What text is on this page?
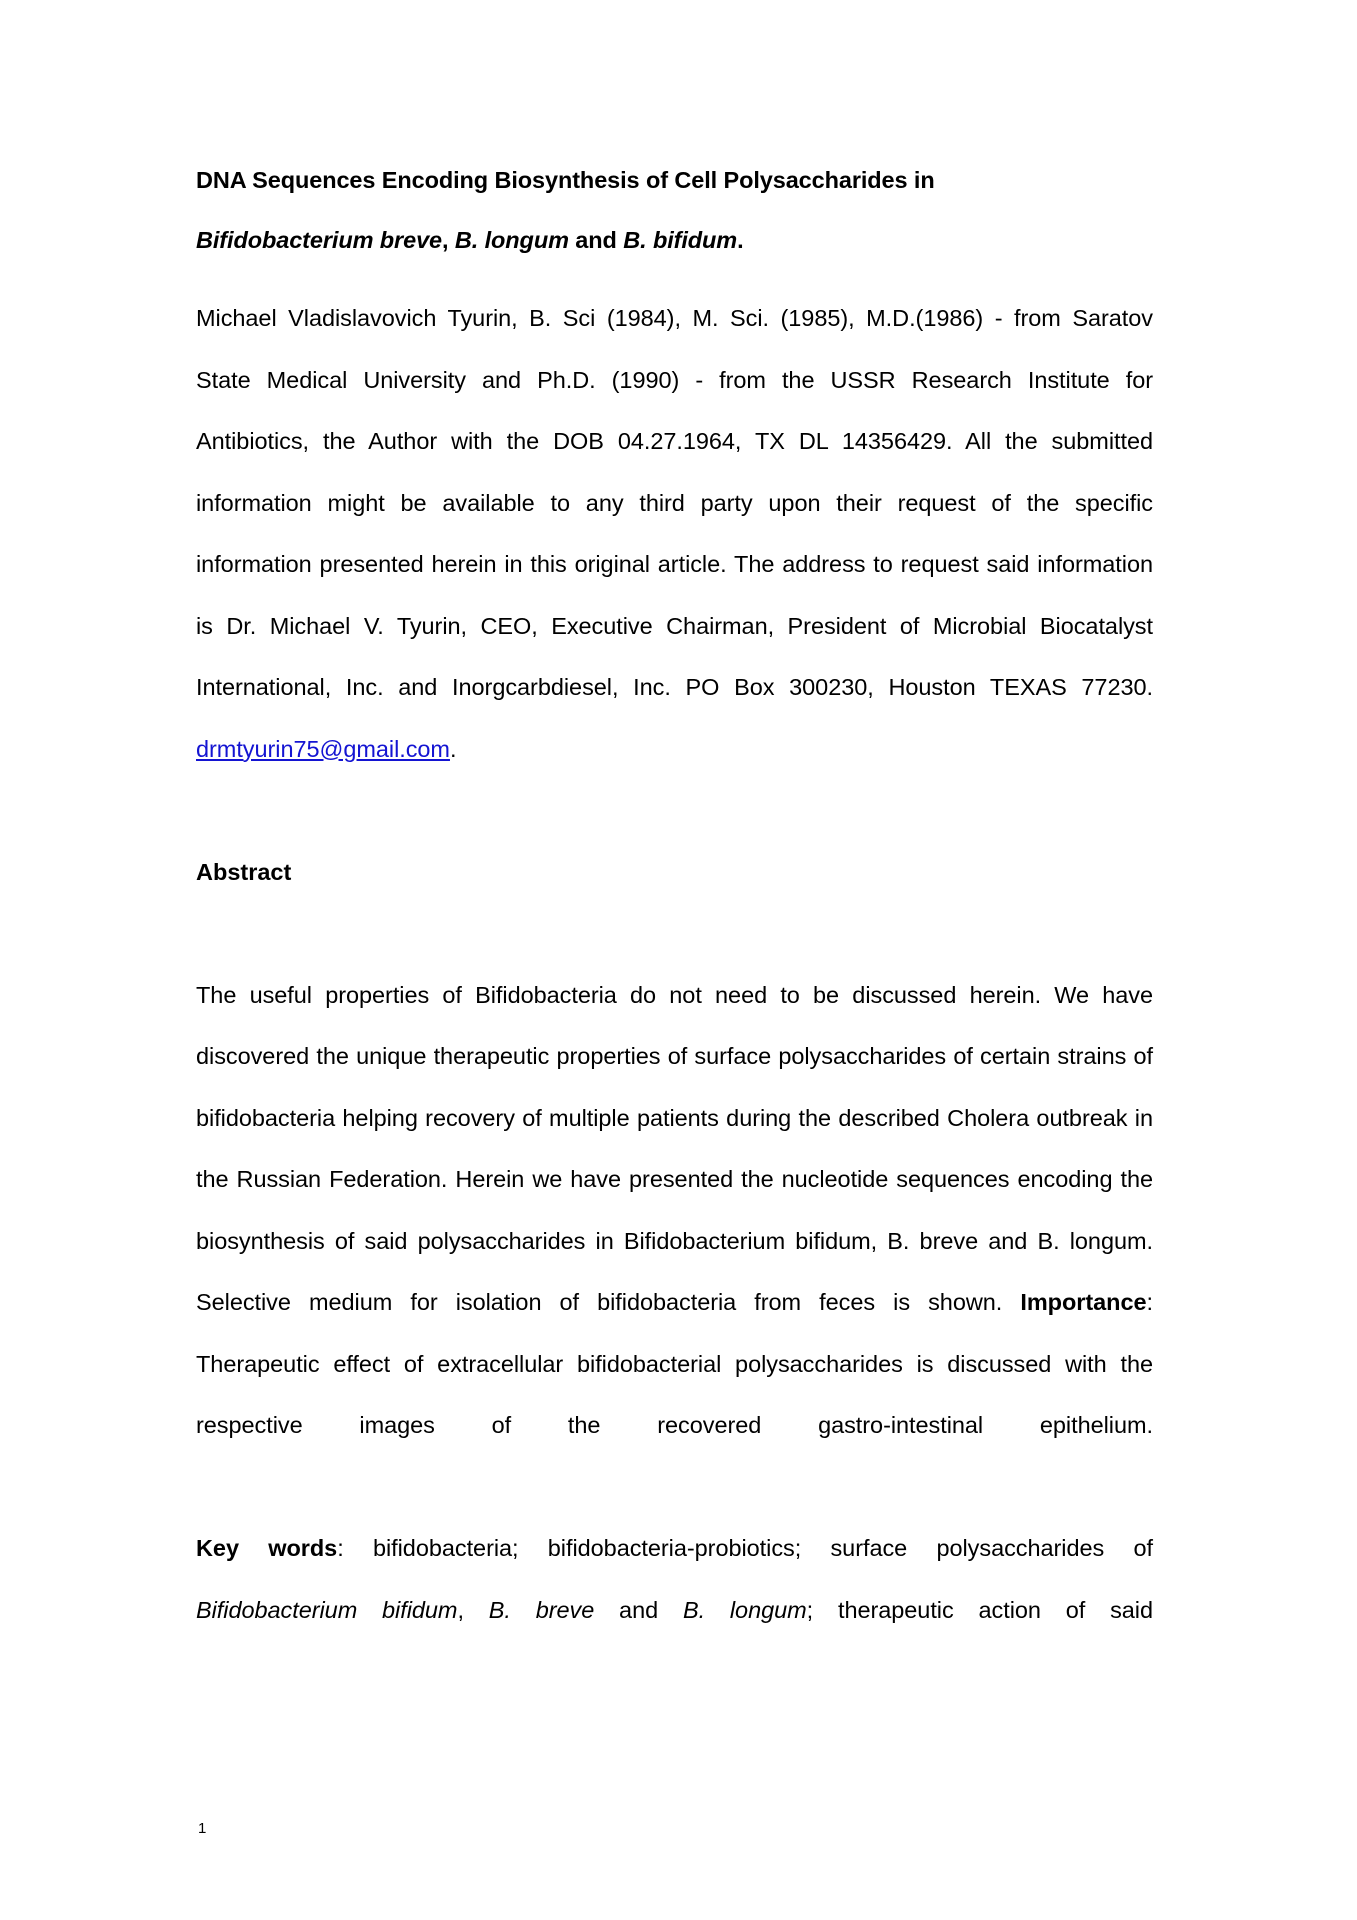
DNA Sequences Encoding Biosynthesis of Cell Polysaccharides in
Bifidobacterium breve, B. longum and B. bifidum.

Michael Vladislavovich Tyurin, B. Sci (1984), M. Sci. (1985), M.D.(1986) - from Saratov State Medical University and Ph.D. (1990) - from the USSR Research Institute for Antibiotics, the Author with the DOB 04.27.1964, TX DL 14356429. All the submitted information might be available to any third party upon their request of the specific information presented herein in this original article. The address to request said information is Dr. Michael V. Tyurin, CEO, Executive Chairman, President of Microbial Biocatalyst International, Inc. and Inorgcarbdiesel, Inc. PO Box 300230, Houston TEXAS 77230. drmtyurin75@gmail.com.

Abstract

The useful properties of Bifidobacteria do not need to be discussed herein. We have discovered the unique therapeutic properties of surface polysaccharides of certain strains of bifidobacteria helping recovery of multiple patients during the described Cholera outbreak in the Russian Federation. Herein we have presented the nucleotide sequences encoding the biosynthesis of said polysaccharides in Bifidobacterium bifidum, B. breve and B. longum. Selective medium for isolation of bifidobacteria from feces is shown. Importance: Therapeutic effect of extracellular bifidobacterial polysaccharides is discussed with the respective images of the recovered gastro-intestinal epithelium.

Key words: bifidobacteria; bifidobacteria-probiotics; surface polysaccharides of Bifidobacterium bifidum, B. breve and B. longum; therapeutic action of said

1
